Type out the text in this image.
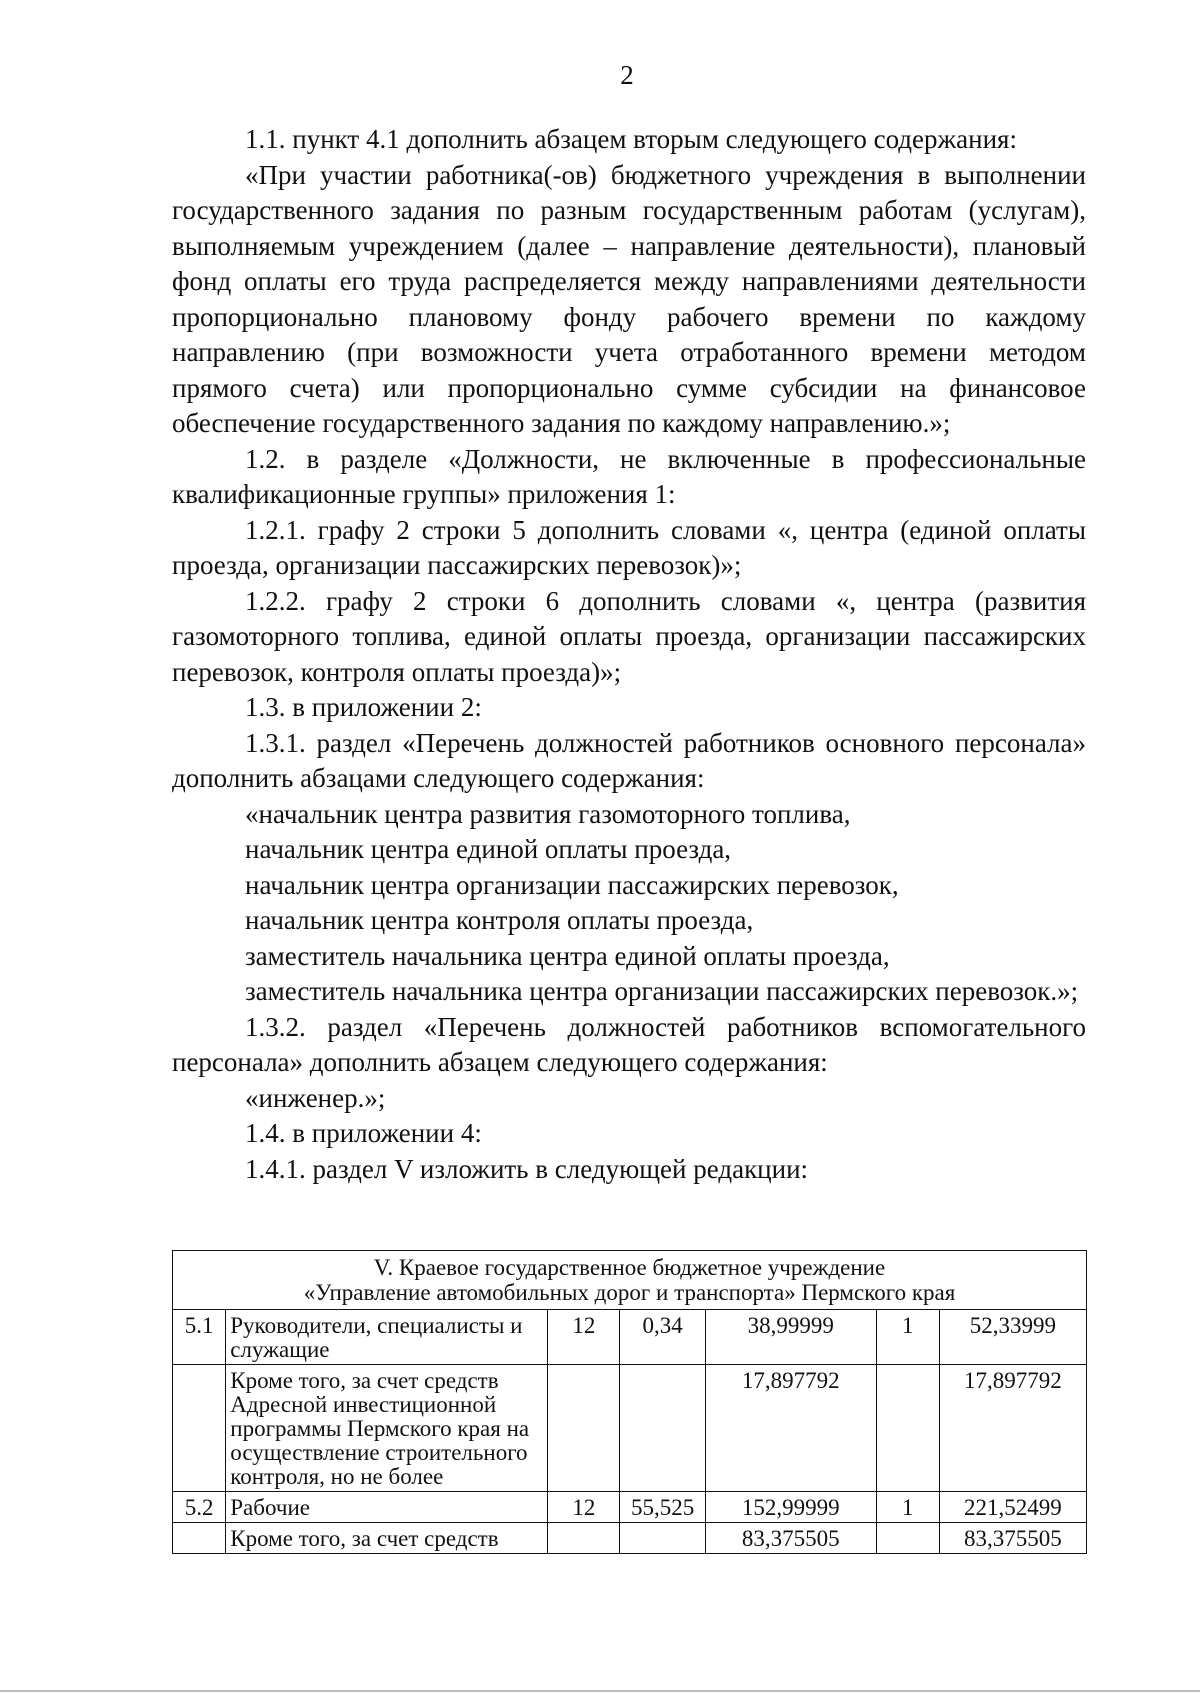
2

1.1. пункт 4.1 дополнить абзацем вторым следующего содержания:

«При участии работника(-ов) бюджетного учреждения в выполнении государственного задания по разным государственным работам (услугам), выполняемым учреждением (далее – направление деятельности), плановый фонд оплаты его труда распределяется между направлениями деятельности пропорционально плановому фонду рабочего времени по каждому направлению (при возможности учета отработанного времени методом прямого счета) или пропорционально сумме субсидии на финансовое обеспечение государственного задания по каждому направлению.»;

1.2. в разделе «Должности, не включенные в профессиональные квалификационные группы» приложения 1:

1.2.1. графу 2 строки 5 дополнить словами «, центра (единой оплаты проезда, организации пассажирских перевозок)»;

1.2.2. графу 2 строки 6 дополнить словами «, центра (развития газомоторного топлива, единой оплаты проезда, организации пассажирских перевозок, контроля оплаты проезда)»;

1.3. в приложении 2:

1.3.1. раздел «Перечень должностей работников основного персонала» дополнить абзацами следующего содержания:

«начальник центра развития газомоторного топлива,

начальник центра единой оплаты проезда,

начальник центра организации пассажирских перевозок,

начальник центра контроля оплаты проезда,

заместитель начальника центра единой оплаты проезда,

заместитель начальника центра организации пассажирских перевозок.»;

1.3.2. раздел «Перечень должностей работников вспомогательного персонала» дополнить абзацем следующего содержания:

«инженер.»;

1.4. в приложении 4:

1.4.1. раздел V изложить в следующей редакции:

V. Краевое государственное бюджетное учреждение
«Управление автомобильных дорог и транспорта» Пермского края						

5.1	Руководители, специалисты и служащие	12	0,34	38,99999	1	52,33999
	Кроме того, за счет средств Адресной инвестиционной программы Пермского края на осуществление строительного контроля, но не более			17,897792		17,897792
5.2	Рабочие	12	55,525	152,99999	1	221,52499
	Кроме того, за счет средств			83,375505		83,375505
